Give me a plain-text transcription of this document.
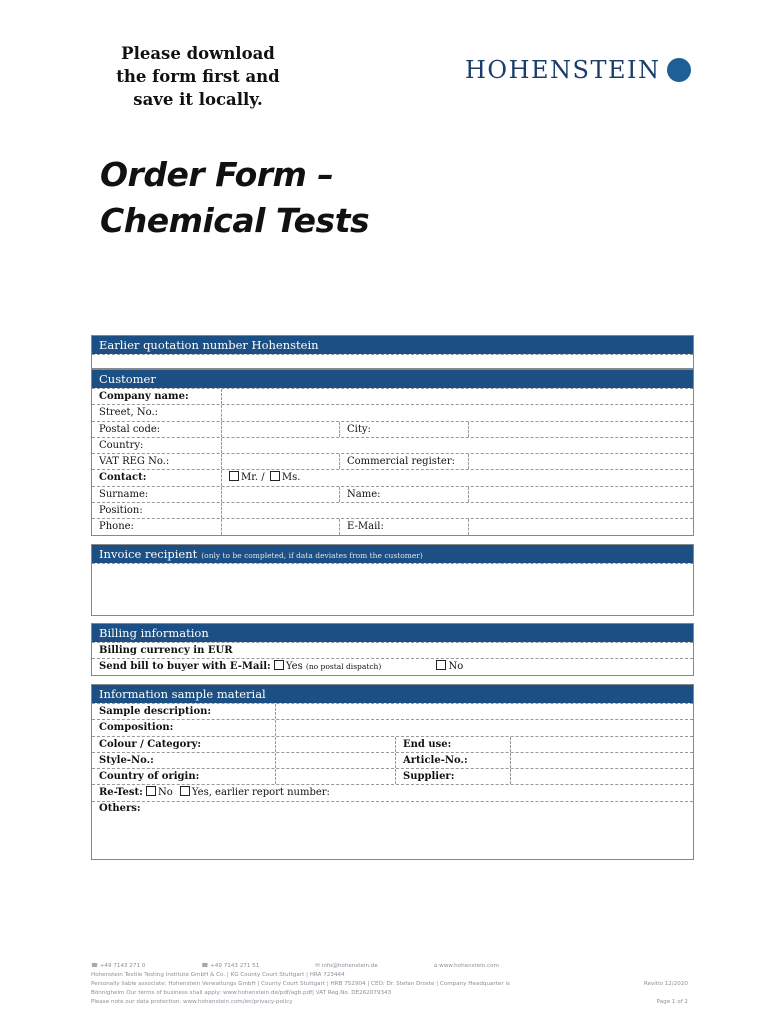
Please download
the form first and
save it locally.
HOHENSTEIN
Order Form –
Chemical Tests
Earlier quotation number Hohenstein
Customer
Company name:
Street, No.:
Postal code:	City:
Country:
VAT REG No.:	Commercial register:
Contact:	Mr. / Ms.
Surname:	Name:
Position:
Phone:	E-Mail:
Invoice recipient (only to be completed, if data deviates from the customer)
Billing information
Billing currency in EUR
Send bill to buyer with E-Mail: Yes (no postal dispatch)	No
Information sample material
Sample description:
Composition:
Colour / Category:	End use:
Style-No.:	Article-No.:
Country of origin:	Supplier:
Re-Test: No Yes, earlier report number:
Others:
☎ +49 7143 271 0	☎ +49 7143 271 51	✉ info@hohenstein.de	⌂ www.hohenstein.com
Hohenstein Textile Testing Institute GmbH & Co. | KG County Court Stuttgart | HRA 723444
Personally liable associate: Hohenstein Verwaltungs GmbH | County Court Stuttgart | HRB 752904 | CEO: Dr. Stefan Droste | Company Headquarter is	Revitio 12/2020
Bönnigheim Our terms of business shall apply: www.hohenstein.de/pdf/agb.pdf| VAT Reg.No. DE262079343
Please note our data protection: www.hohenstein.com/en/privacy-policy	Page 1 of 2
